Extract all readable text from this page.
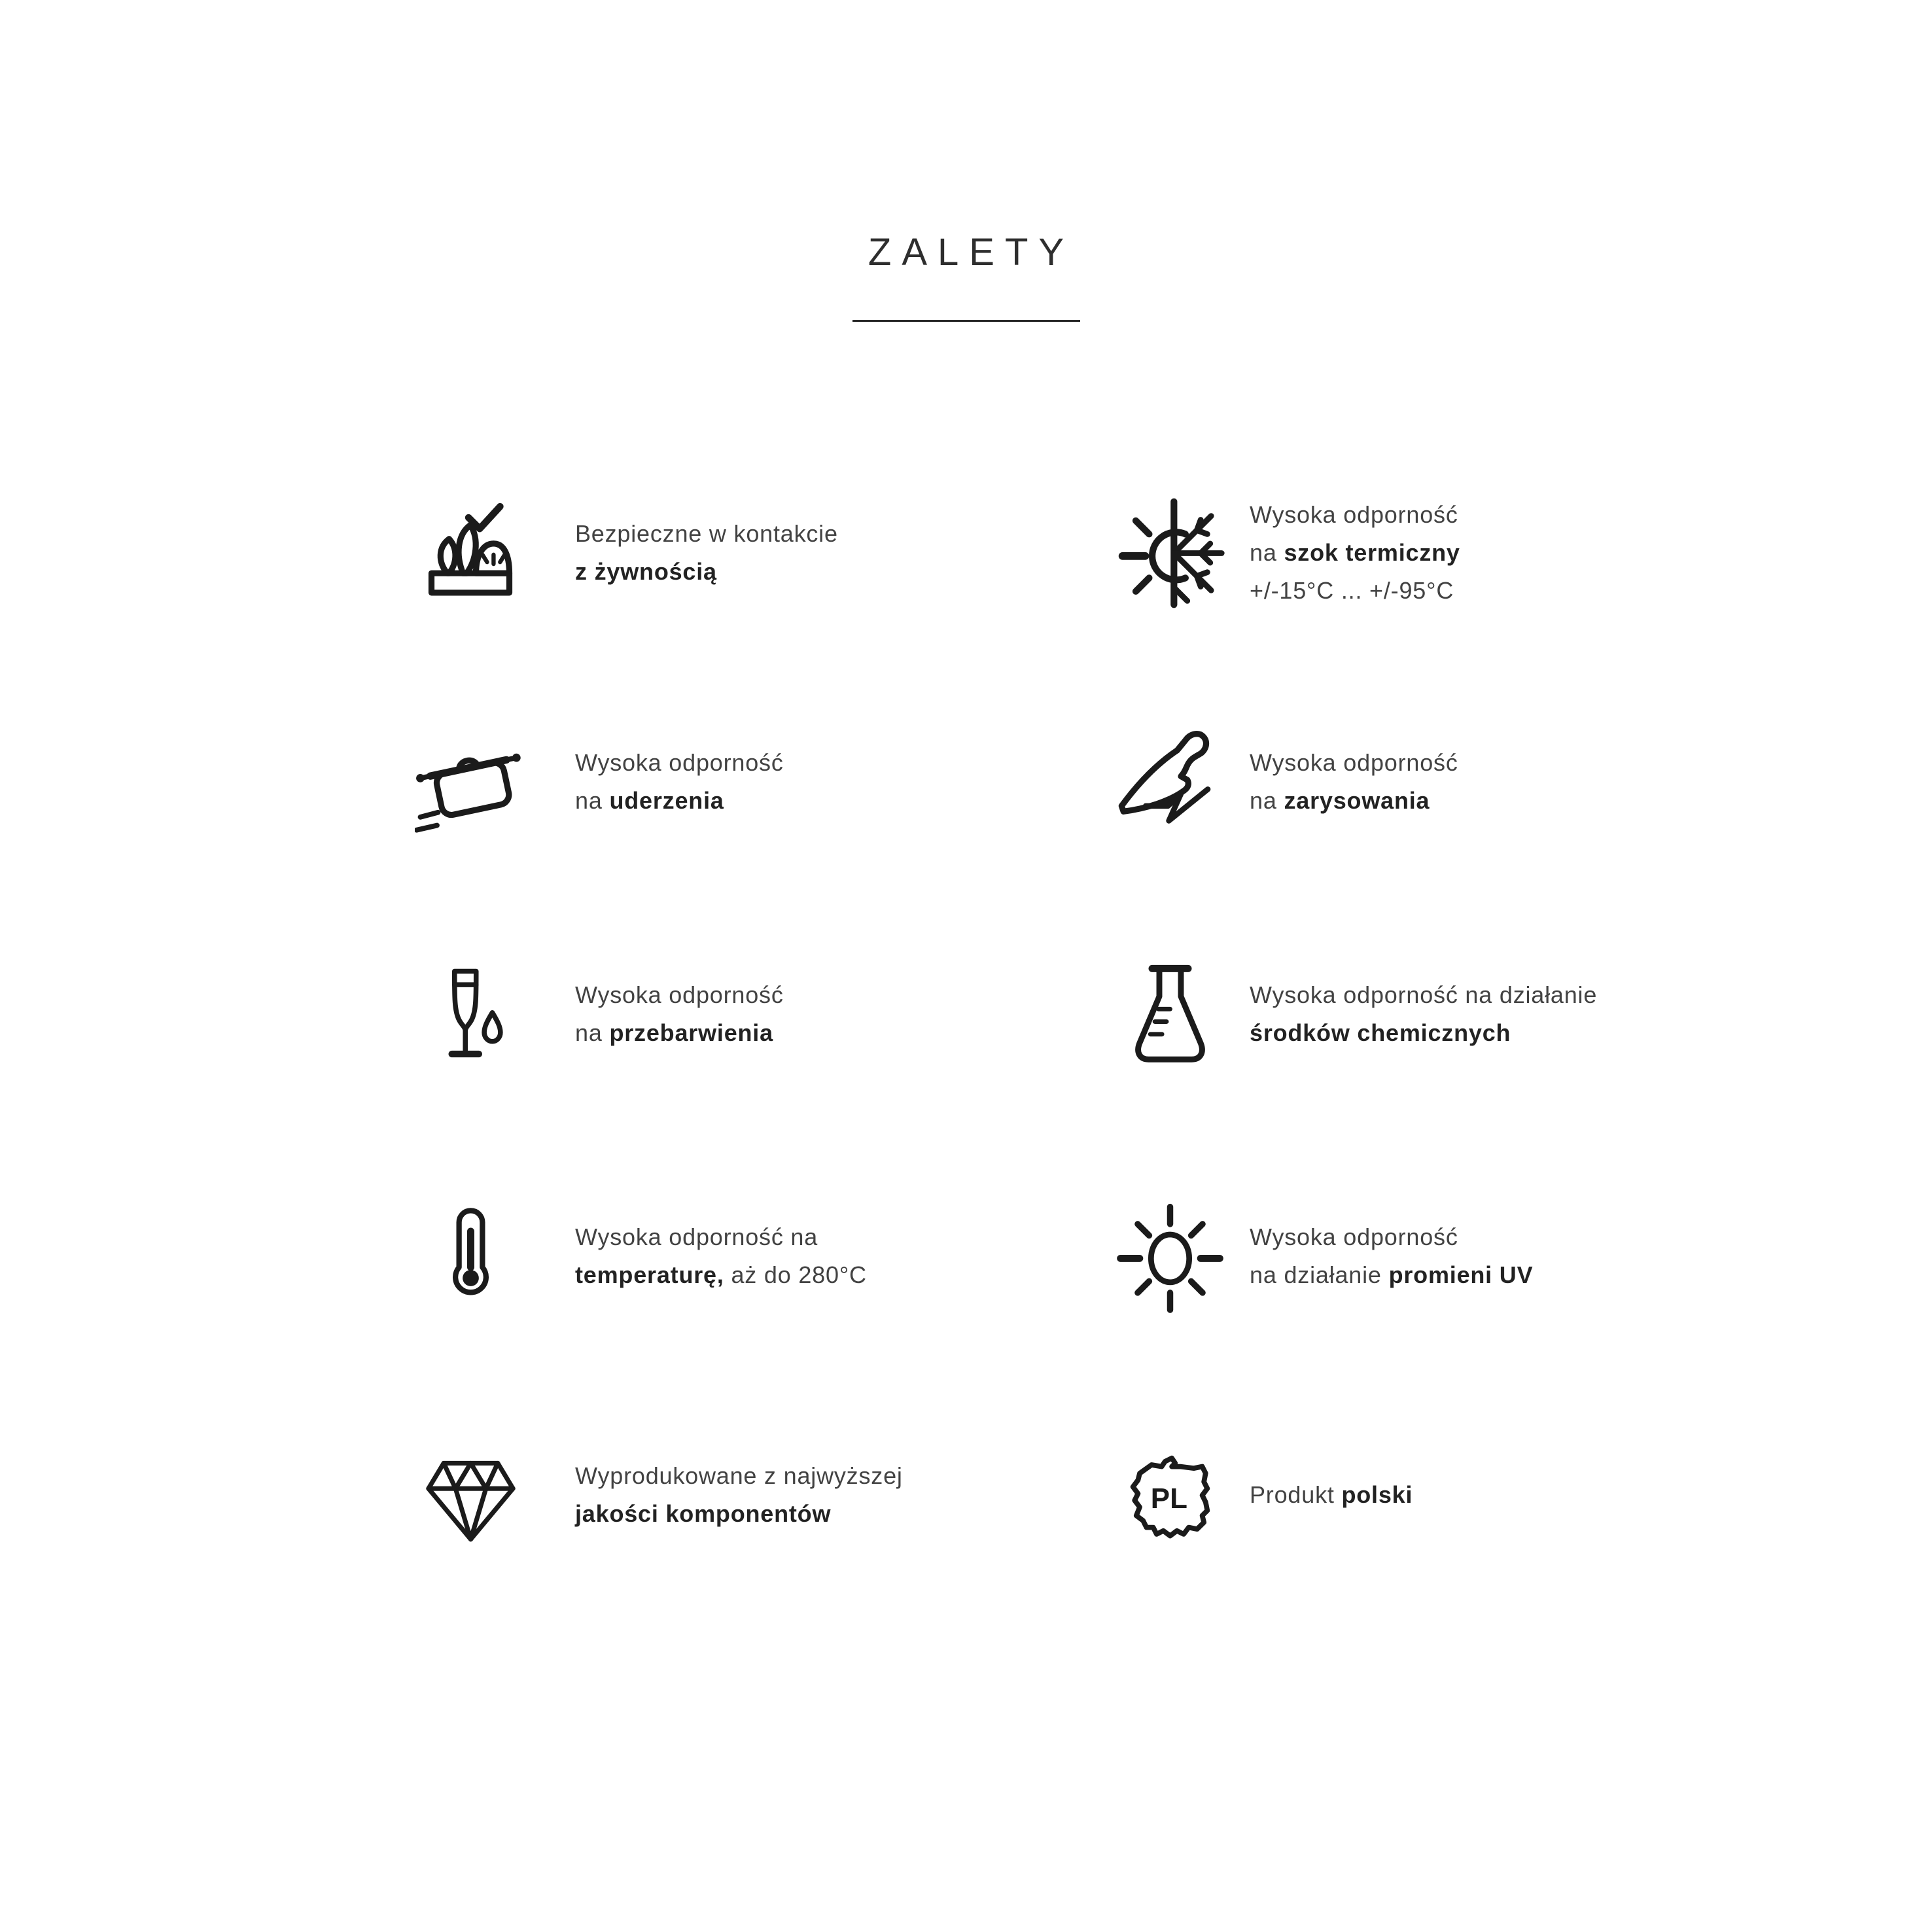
ZALETY
Bezpieczne w kontakcie
z żywnością
Wysoka odporność
na szok termiczny
+/-15°C ... +/-95°C
Wysoka odporność
na uderzenia
Wysoka odporność
na zarysowania
Wysoka odporność
na przebarwienia
Wysoka odporność na działanie
środków chemicznych
Wysoka odporność na
temperaturę, aż do 280°C
Wysoka odporność
na działanie promieni UV
Wyprodukowane z najwyższej
jakości komponentów	PL	Produkt polski
